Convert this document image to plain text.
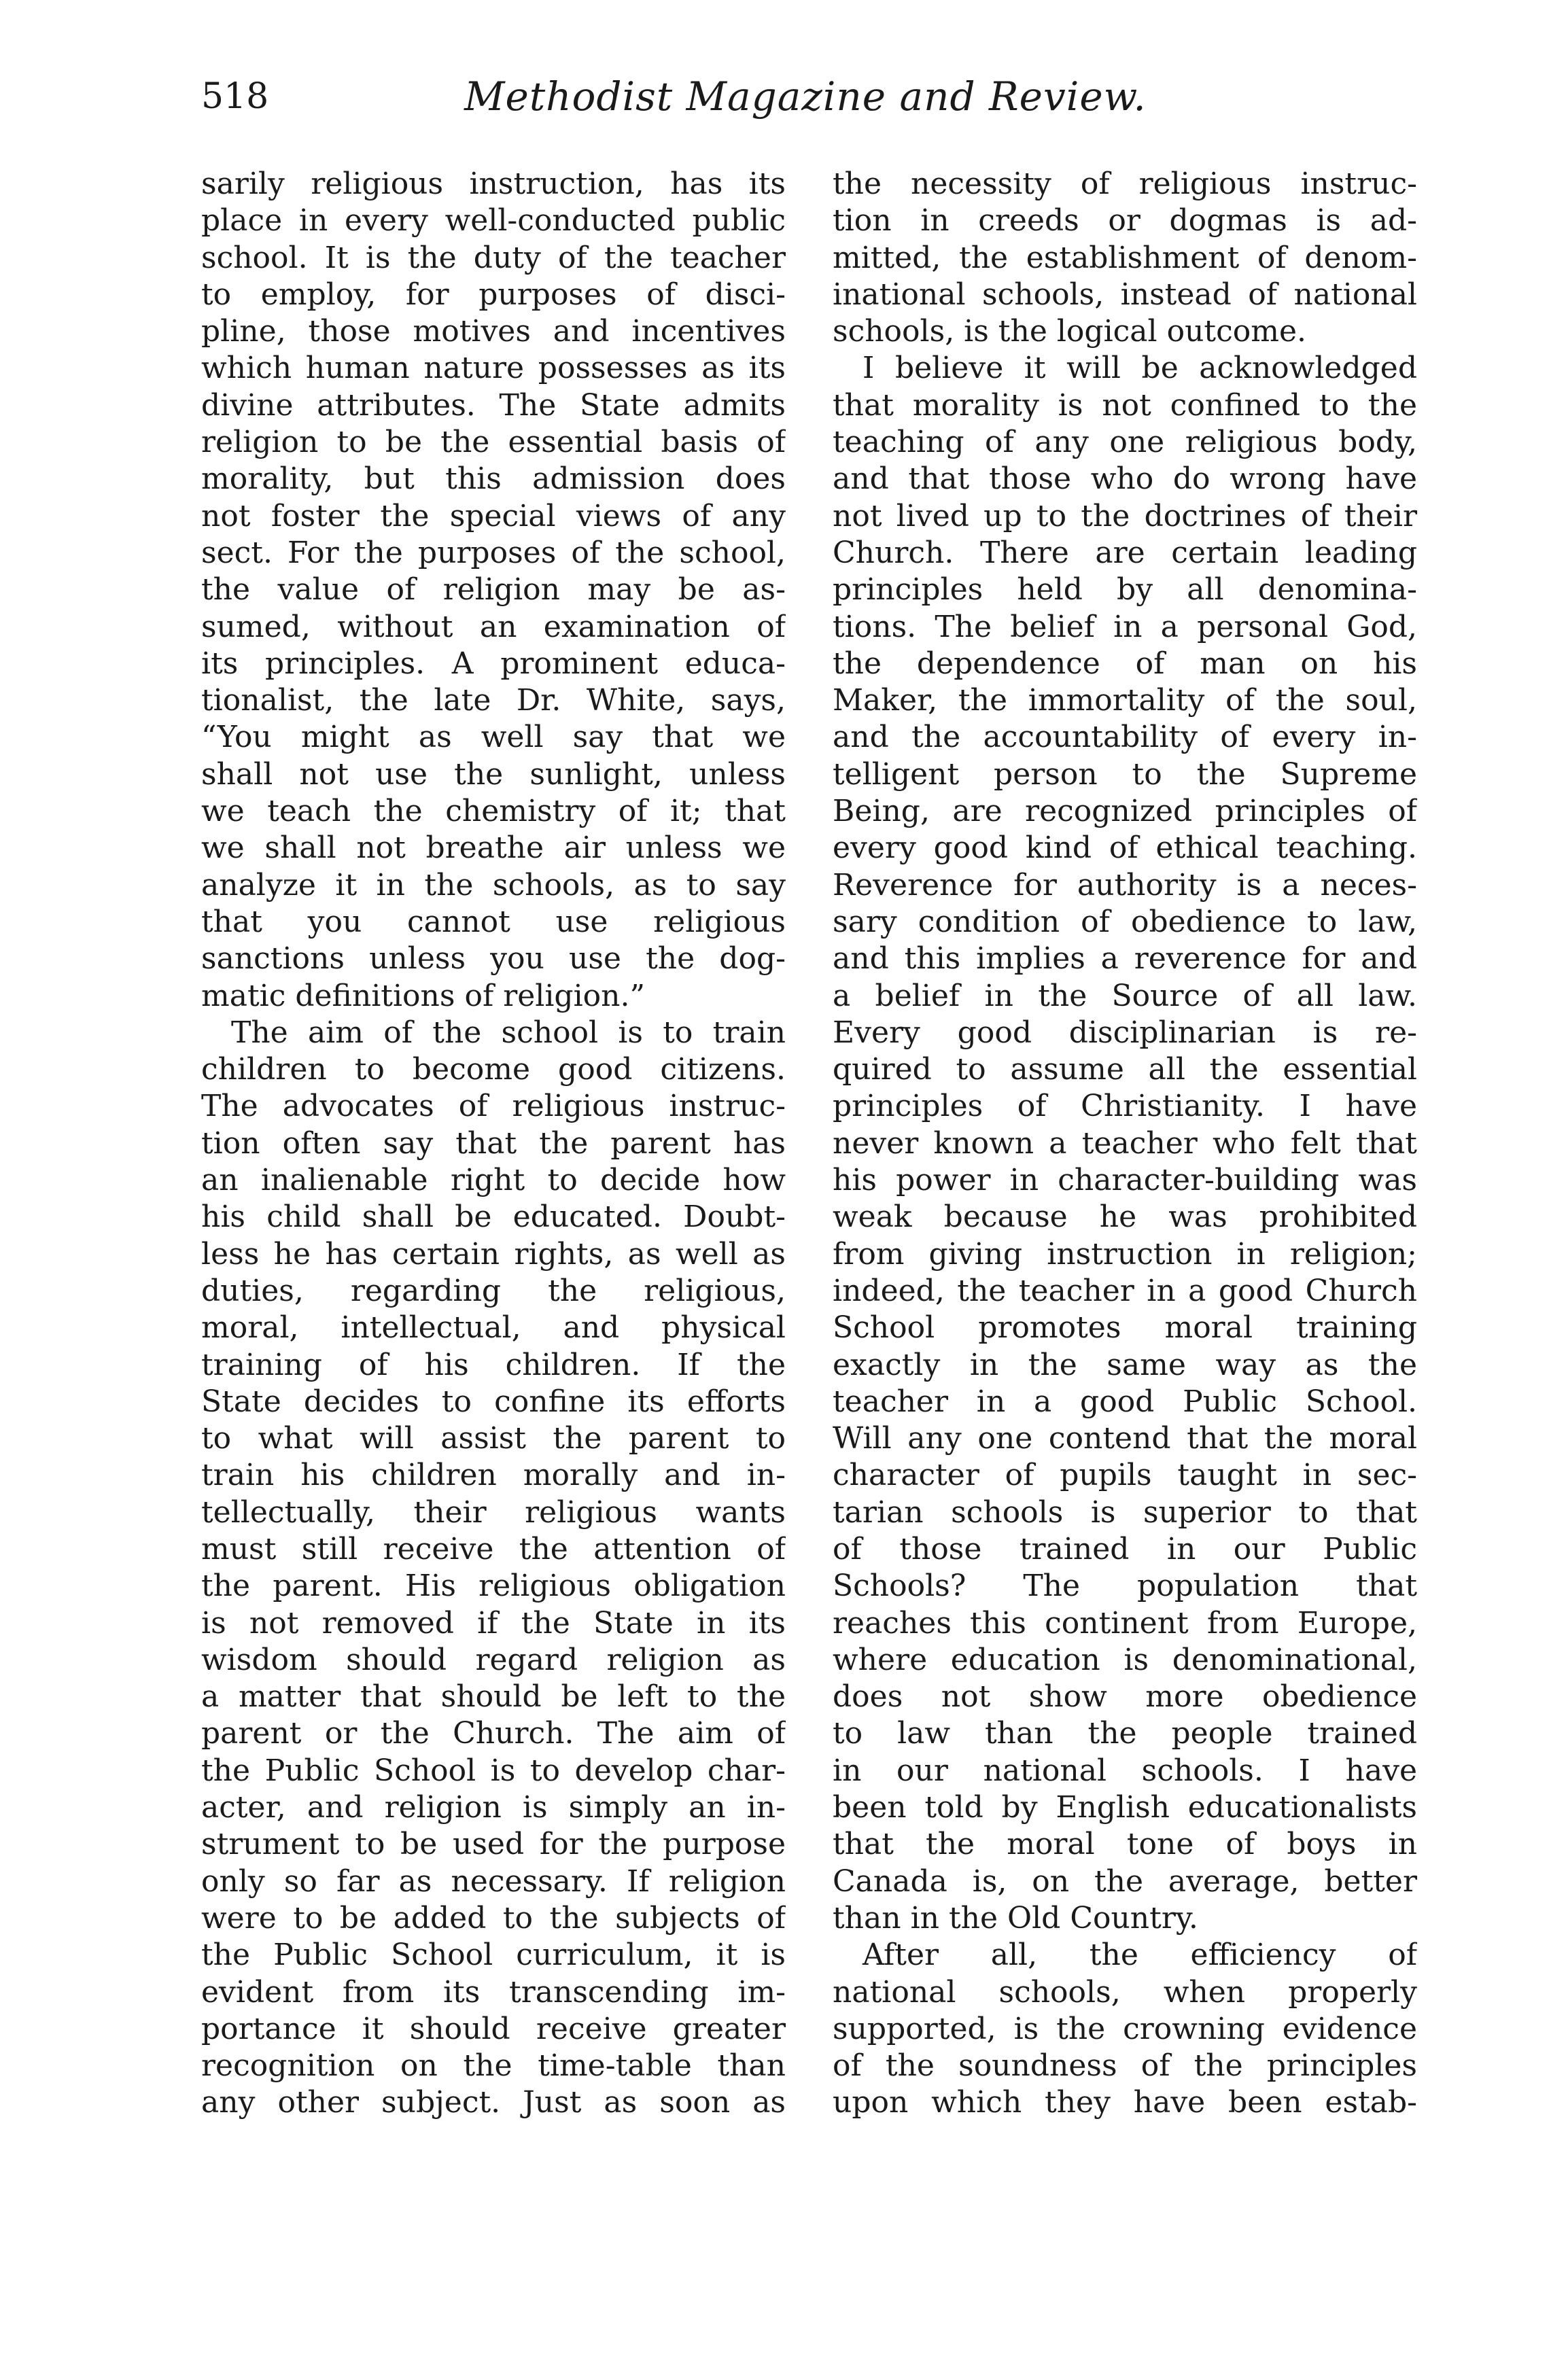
518	Methodist Magazine and Review.
sarily religious instruction, has its
place in every well-conducted public
school. It is the duty of the teacher
to employ, for purposes of disci-
pline, those motives and incentives
which human nature possesses as its
divine attributes. The State admits
religion to be the essential basis of
morality, but this admission does
not foster the special views of any
sect. For the purposes of the school,
the value of religion may be as-
sumed, without an examination of
its principles. A prominent educa-
tionalist, the late Dr. White, says,
“You might as well say that we
shall not use the sunlight, unless
we teach the chemistry of it; that
we shall not breathe air unless we
analyze it in the schools, as to say
that you cannot use religious
sanctions unless you use the dog-
matic definitions of religion.”
The aim of the school is to train
children to become good citizens.
The advocates of religious instruc-
tion often say that the parent has
an inalienable right to decide how
his child shall be educated. Doubt-
less he has certain rights, as well as
duties, regarding the religious,
moral, intellectual, and physical
training of his children. If the
State decides to confine its efforts
to what will assist the parent to
train his children morally and in-
tellectually, their religious wants
must still receive the attention of
the parent. His religious obligation
is not removed if the State in its
wisdom should regard religion as
a matter that should be left to the
parent or the Church. The aim of
the Public School is to develop char-
acter, and religion is simply an in-
strument to be used for the purpose
only so far as necessary. If religion
were to be added to the subjects of
the Public School curriculum, it is
evident from its transcending im-
portance it should receive greater
recognition on the time-table than
any other subject. Just as soon as
the necessity of religious instruc-
tion in creeds or dogmas is ad-
mitted, the establishment of denom-
inational schools, instead of national
schools, is the logical outcome.
I believe it will be acknowledged
that morality is not confined to the
teaching of any one religious body,
and that those who do wrong have
not lived up to the doctrines of their
Church. There are certain leading
principles held by all denomina-
tions. The belief in a personal God,
the dependence of man on his
Maker, the immortality of the soul,
and the accountability of every in-
telligent person to the Supreme
Being, are recognized principles of
every good kind of ethical teaching.
Reverence for authority is a neces-
sary condition of obedience to law,
and this implies a reverence for and
a belief in the Source of all law.
Every good disciplinarian is re-
quired to assume all the essential
principles of Christianity. I have
never known a teacher who felt that
his power in character-building was
weak because he was prohibited
from giving instruction in religion;
indeed, the teacher in a good Church
School promotes moral training
exactly in the same way as the
teacher in a good Public School.
Will any one contend that the moral
character of pupils taught in sec-
tarian schools is superior to that
of those trained in our Public
Schools? The population that
reaches this continent from Europe,
where education is denominational,
does not show more obedience
to law than the people trained
in our national schools. I have
been told by English educationalists
that the moral tone of boys in
Canada is, on the average, better
than in the Old Country.
After all, the efficiency of
national schools, when properly
supported, is the crowning evidence
of the soundness of the principles
upon which they have been estab-
